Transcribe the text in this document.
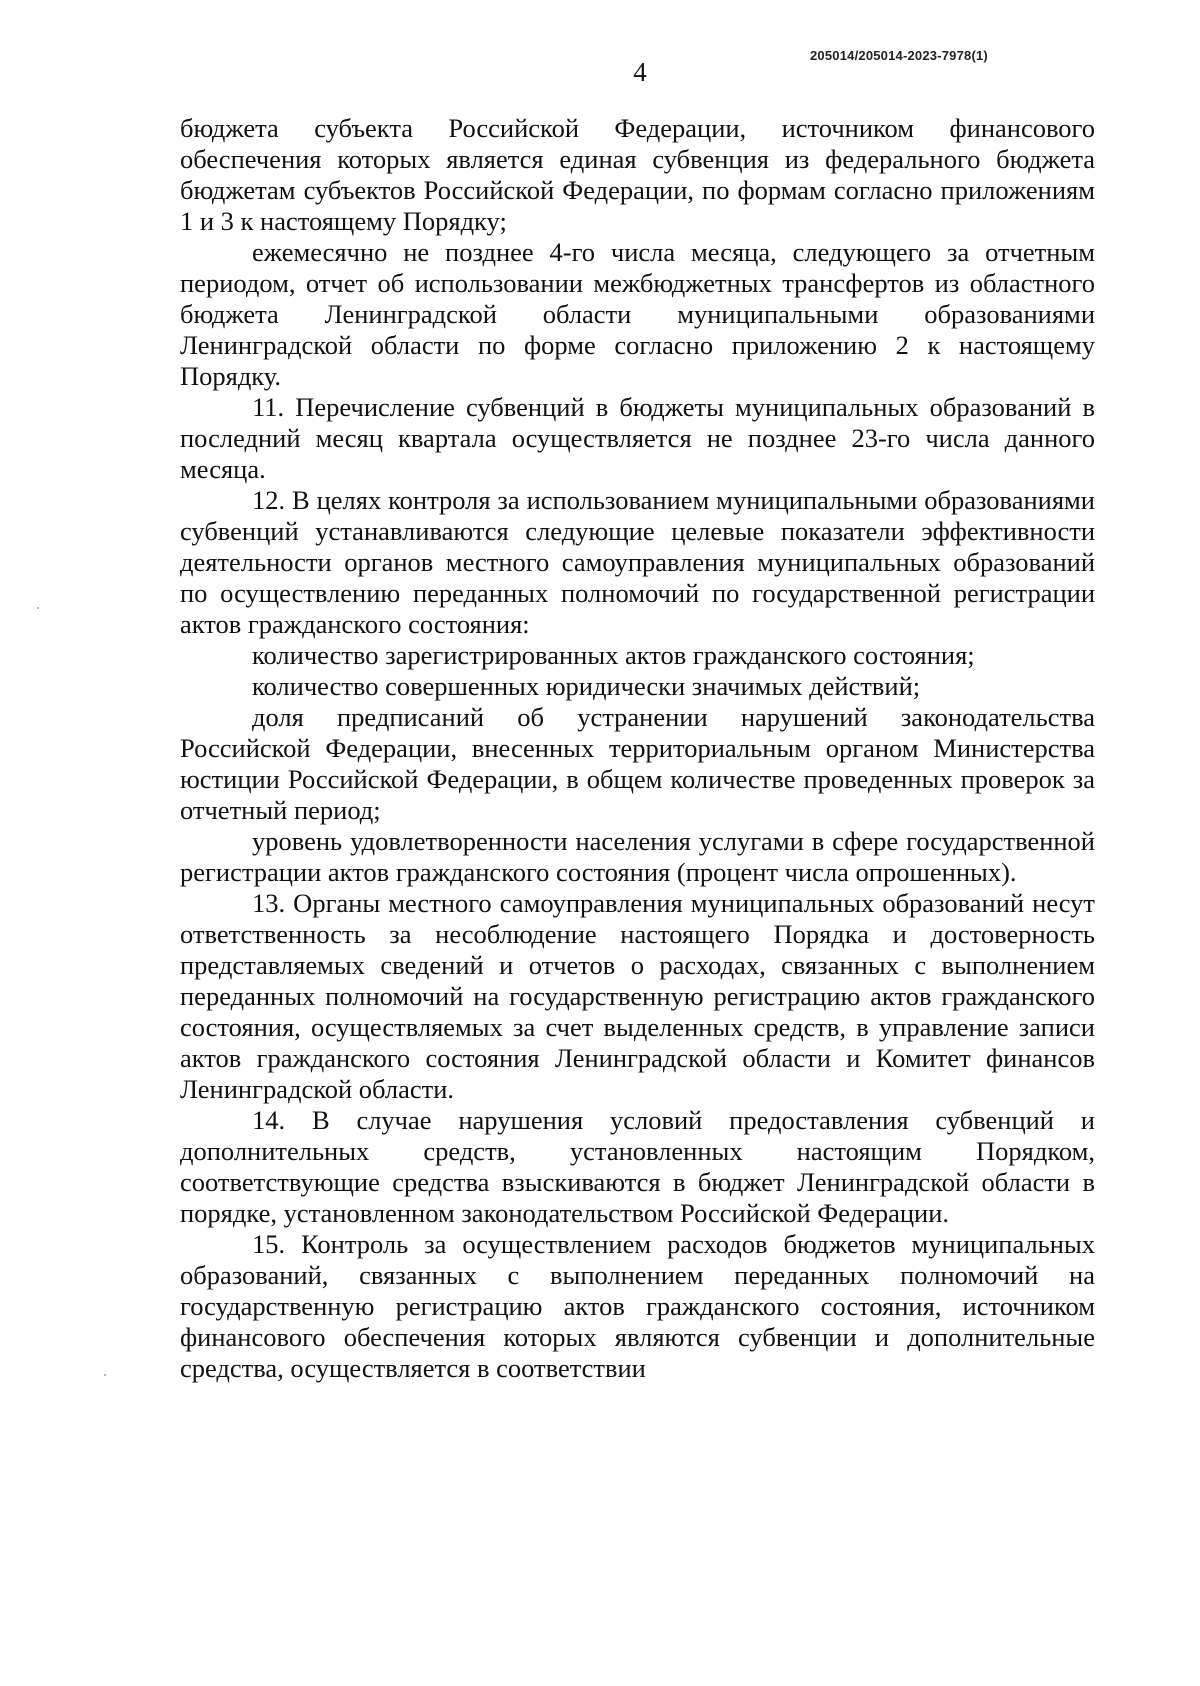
205014/205014-2023-7978(1)
4

бюджета субъекта Российской Федерации, источником финансового обеспечения которых является единая субвенция из федерального бюджета бюджетам субъектов Российской Федерации, по формам согласно приложениям 1 и 3 к настоящему Порядку;

ежемесячно не позднее 4-го числа месяца, следующего за отчетным периодом, отчет об использовании межбюджетных трансфертов из областного бюджета Ленинградской области муниципальными образованиями Ленинградской области по форме согласно приложению 2 к настоящему Порядку.

11. Перечисление субвенций в бюджеты муниципальных образований в последний месяц квартала осуществляется не позднее 23-го числа данного месяца.

12. В целях контроля за использованием муниципальными образованиями субвенций устанавливаются следующие целевые показатели эффективности деятельности органов местного самоуправления муниципальных образований по осуществлению переданных полномочий по государственной регистрации актов гражданского состояния:

количество зарегистрированных актов гражданского состояния;

количество совершенных юридически значимых действий;

доля предписаний об устранении нарушений законодательства Российской Федерации, внесенных территориальным органом Министерства юстиции Российской Федерации, в общем количестве проведенных проверок за отчетный период;

уровень удовлетворенности населения услугами в сфере государственной регистрации актов гражданского состояния (процент числа опрошенных).

13. Органы местного самоуправления муниципальных образований несут ответственность за несоблюдение настоящего Порядка и достоверность представляемых сведений и отчетов о расходах, связанных с выполнением переданных полномочий на государственную регистрацию актов гражданского состояния, осуществляемых за счет выделенных средств, в управление записи актов гражданского состояния Ленинградской области и Комитет финансов Ленинградской области.

14. В случае нарушения условий предоставления субвенций и дополнительных средств, установленных настоящим Порядком, соответствующие средства взыскиваются в бюджет Ленинградской области в порядке, установленном законодательством Российской Федерации.

15. Контроль за осуществлением расходов бюджетов муниципальных образований, связанных с выполнением переданных полномочий на государственную регистрацию актов гражданского состояния, источником финансового обеспечения которых являются субвенции и дополнительные средства, осуществляется в соответствии
